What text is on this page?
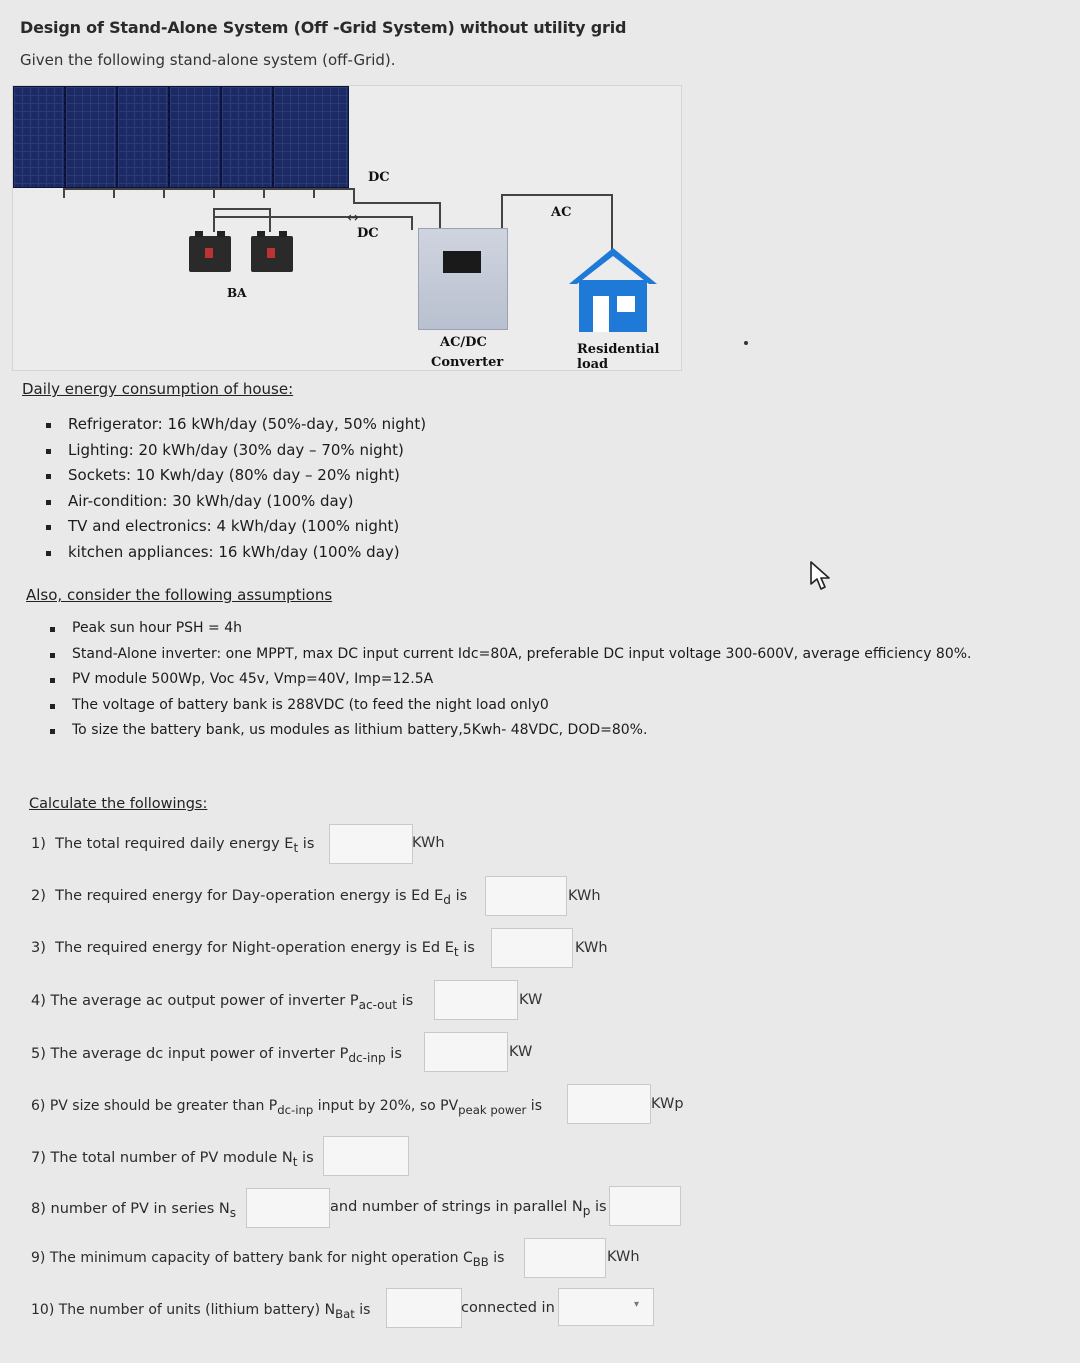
Design of Stand-Alone System (Off -Grid System) without utility grid
Given the following stand-alone system (off-Grid).
↔
DC
DC
AC
BA
AC/DC
Converter
Residential load
Daily energy consumption of house:
Refrigerator: 16 kWh/day (50%-day, 50% night)
Lighting: 20 kWh/day (30% day – 70% night)
Sockets: 10 Kwh/day (80% day – 20% night)
Air-condition: 30 kWh/day (100% day)
TV and electronics: 4 kWh/day (100% night)
kitchen appliances: 16 kWh/day (100% day)
Also, consider the following assumptions
Peak sun hour PSH = 4h
Stand-Alone inverter: one MPPT, max DC input current Idc=80A, preferable DC input voltage 300-600V, average efficiency 80%.
PV module 500Wp, Voc 45v, Vmp=40V, Imp=12.5A
The voltage of battery bank is 288VDC (to feed the night load only0
To size the battery bank, us modules as lithium battery,5Kwh- 48VDC, DOD=80%.
Calculate the followings:
1) The total required daily energy $E_t$ is	KWh
2) The required energy for Day-operation energy is Ed $E_d$ is	KWh
3) The required energy for Night-operation energy is Ed $E_t$ is	KWh
4) The average ac output power of inverter $P_{ac-out}$ is	KW
5) The average dc input power of inverter $P_{dc-inp}$ is	KW
6) PV size should be greater than $P_{dc-inp}$ input by 20%, so $PV_{peak power}$ is	KWp
7) The total number of PV module $N_t$ is
8) number of PV in series $N_s$	and number of strings in parallel $N_p$ is
9) The minimum capacity of battery bank for night operation $C_{BB}$ is	KWh
10) The number of units (lithium battery) $N_{Bat}$ is	connected in	▾
